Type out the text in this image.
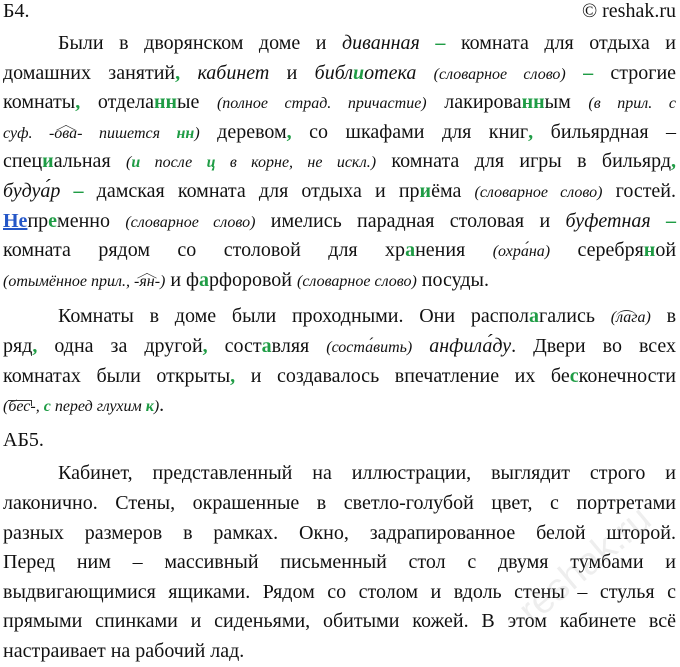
Б4.	© reshak.ru
Были в дворянском доме и диванная – комната для отдыха и
домашних занятий, кабинет и библиотека (словарное слово) – строгие
комнаты, отделанные (полное страд. причастие) лакированным (в прил. с
суф. -ова
- пишется нн) деревом, со шкафами для книг, бильярдная –
специальная (и после ц в корне, не искл.) комната для игры в бильярд,
будуа́р – дамская комната для отдыха и приёма (словарное слово) гостей.
Непременно (словарное слово) имелись парадная столовая и буфетная –
комната рядом со столовой для хранения (охра́на) серебряной
(отымённое прил., -ян
-) и фарфоровой (словарное слово) посуды.
Комнаты в доме были проходными. Они располагались (лаг
а) в
ряд, одна за другой, составляя (соста́вить) анфила́ду. Двери во всех
комнатах были открыты, и создавалось впечатление их бесконечности
(бес
-, с перед глухим к).
АБ5.
Кабинет, представленный на иллюстрации, выглядит строго и
лаконично. Стены, окрашенные в светло-голубой цвет, с портретами
разных размеров в рамках. Окно, задрапированное белой шторой.
Перед ним – массивный письменный стол с двумя тумбами и
выдвигающимися ящиками. Рядом со столом и вдоль стены – стулья с
прямыми спинками и сиденьями, обитыми кожей. В этом кабинете всё
настраивает на рабочий лад.
reshak.ru
